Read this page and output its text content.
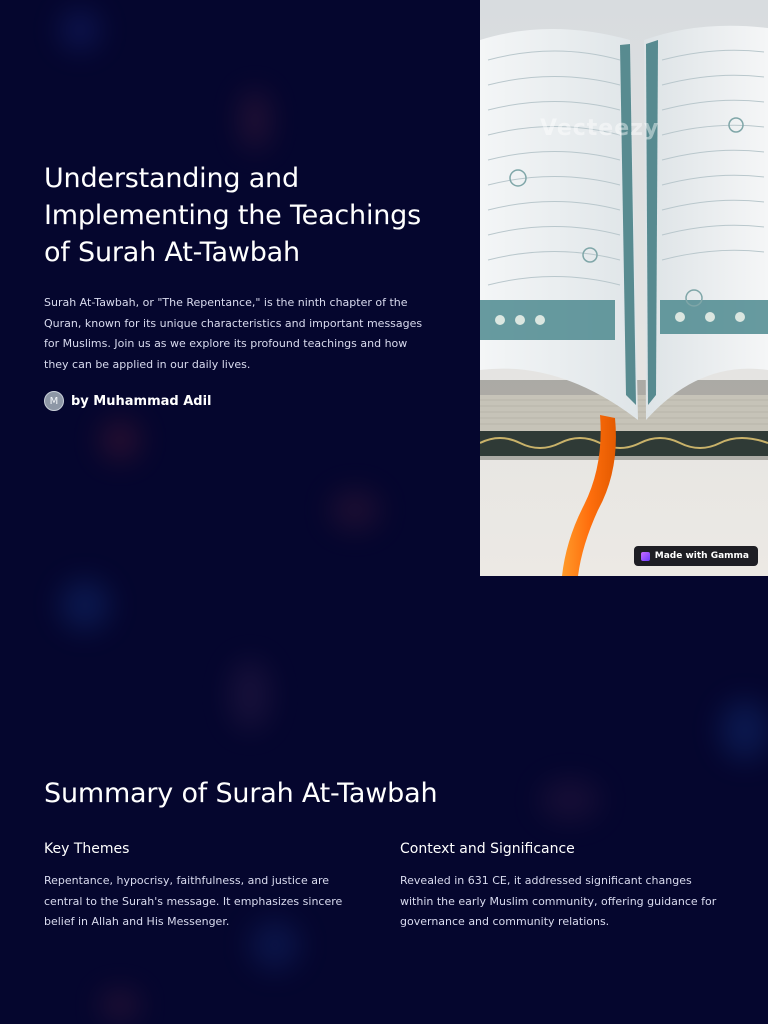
Understanding and Implementing the Teachings of Surah At-Tawbah

Surah At-Tawbah, or "The Repentance," is the ninth chapter of the Quran, known for its unique characteristics and important messages for Muslims. Join us as we explore its profound teachings and how they can be applied in our daily lives.

M by Muhammad Adil
Vecteezy
Made with Gamma
Summary of Surah At-Tawbah
Key Themes

Repentance, hypocrisy, faithfulness, and justice are central to the Surah's message. It emphasizes sincere belief in Allah and His Messenger.

Context and Significance

Revealed in 631 CE, it addressed significant changes within the early Muslim community, offering guidance for governance and community relations.
